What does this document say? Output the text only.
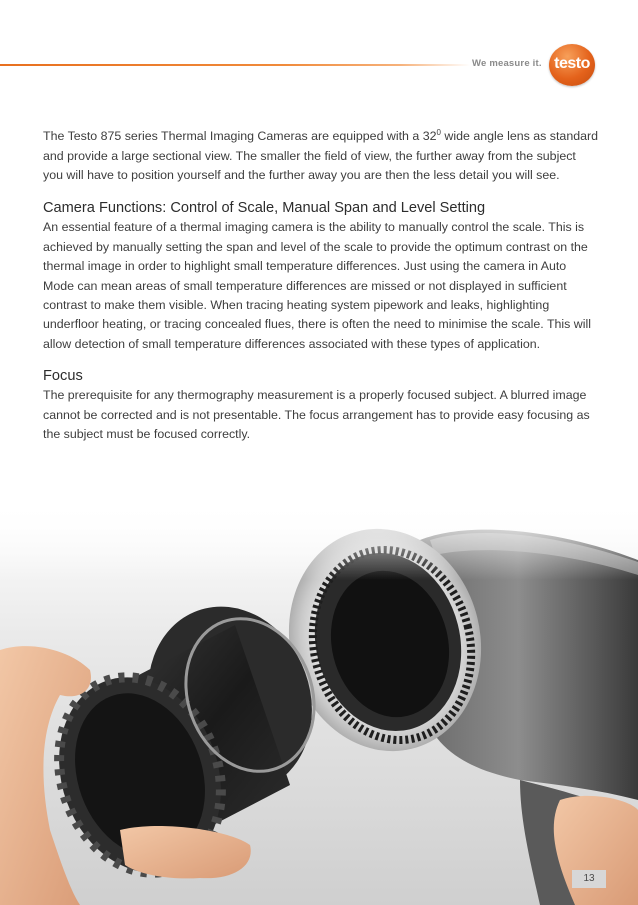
We measure it. testo

The Testo 875 series Thermal Imaging Cameras are equipped with a $32^0$ wide angle lens as standard and provide a large sectional view. The smaller the field of view, the further away from the subject you will have to position yourself and the further away you are then the less detail you will see.

Camera Functions: Control of Scale, Manual Span and Level Setting

An essential feature of a thermal imaging camera is the ability to manually control the scale. This is achieved by manually setting the span and level of the scale to provide the optimum contrast on the thermal image in order to highlight small temperature differences. Just using the camera in Auto Mode can mean areas of small temperature differences are missed or not displayed in sufficient contrast to make them visible. When tracing heating system pipework and leaks, highlighting underfloor heating, or tracing concealed flues, there is often the need to minimise the scale. This will allow detection of small temperature differences associated with these types of application.

Focus

The prerequisite for any thermography measurement is a properly focused subject. A blurred image cannot be corrected and is not presentable. The focus arrangement has to provide easy focusing as the subject must be focused correctly.

13
